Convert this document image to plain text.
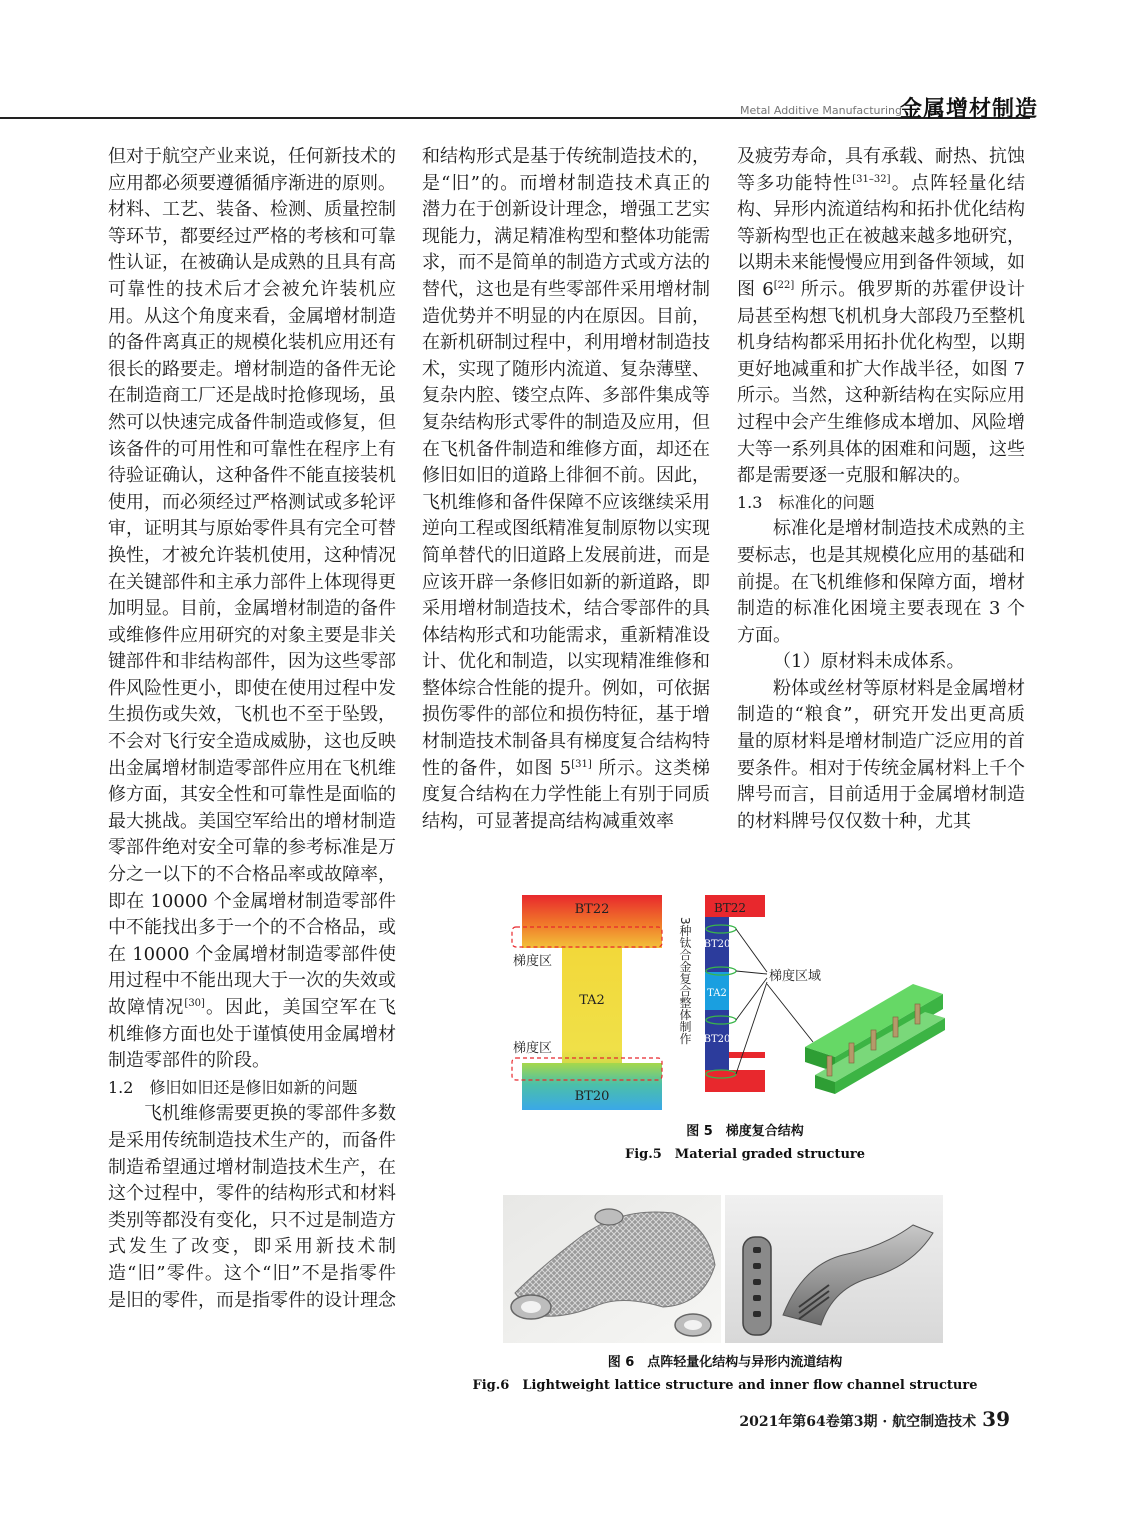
Metal Additive Manufacturing
金属增材制造

但对于航空产业来说，任何新技术的应用都必须要遵循循序渐进的原则。材料、工艺、装备、检测、质量控制等环节，都要经过严格的考核和可靠性认证，在被确认是成熟的且具有高可靠性的技术后才会被允许装机应用。从这个角度来看，金属增材制造的备件离真正的规模化装机应用还有很长的路要走。增材制造的备件无论在制造商工厂还是战时抢修现场，虽然可以快速完成备件制造或修复，但该备件的可用性和可靠性在程序上有待验证确认，这种备件不能直接装机使用，而必须经过严格测试或多轮评审，证明其与原始零件具有完全可替换性，才被允许装机使用，这种情况在关键部件和主承力部件上体现得更加明显。目前，金属增材制造的备件或维修件应用研究的对象主要是非关键部件和非结构部件，因为这些零部件风险性更小，即使在使用过程中发生损伤或失效，飞机也不至于坠毁，不会对飞行安全造成威胁，这也反映出金属增材制造零部件应用在飞机维修方面，其安全性和可靠性是面临的最大挑战。美国空军给出的增材制造零部件绝对安全可靠的参考标准是万分之一以下的不合格品率或故障率，即在 10000 个金属增材制造零部件中不能找出多于一个的不合格品，或在 10000 个金属增材制造零部件使用过程中不能出现大于一次的失效或故障情况[30]。因此，美国空军在飞机维修方面也处于谨慎使用金属增材制造零部件的阶段。

1.2　修旧如旧还是修旧如新的问题

飞机维修需要更换的零部件多数是采用传统制造技术生产的，而备件制造希望通过增材制造技术生产，在这个过程中，零件的结构形式和材料类别等都没有变化，只不过是制造方式发生了改变，即采用新技术制造“旧”零件。这个“旧”不是指零件是旧的零件，而是指零件的设计理念

和结构形式是基于传统制造技术的，是“旧”的。而增材制造技术真正的潜力在于创新设计理念，增强工艺实现能力，满足精准构型和整体功能需求，而不是简单的制造方式或方法的替代，这也是有些零部件采用增材制造优势并不明显的内在原因。目前，在新机研制过程中，利用增材制造技术，实现了随形内流道、复杂薄壁、复杂内腔、镂空点阵、多部件集成等复杂结构形式零件的制造及应用，但在飞机备件制造和维修方面，却还在修旧如旧的道路上徘徊不前。因此，飞机维修和备件保障不应该继续采用逆向工程或图纸精准复制原物以实现简单替代的旧道路上发展前进，而是应该开辟一条修旧如新的新道路，即采用增材制造技术，结合零部件的具体结构形式和功能需求，重新精准设计、优化和制造，以实现精准维修和整体综合性能的提升。例如，可依据损伤零件的部位和损伤特征，基于增材制造技术制备具有梯度复合结构特性的备件，如图 5[31] 所示。这类梯度复合结构在力学性能上有别于同质结构，可显著提高结构减重效率

及疲劳寿命，具有承载、耐热、抗蚀等多功能特性[31–32]。点阵轻量化结构、异形内流道结构和拓扑优化结构等新构型也正在被越来越多地研究，以期未来能慢慢应用到备件领域，如图 6[22] 所示。俄罗斯的苏霍伊设计局甚至构想飞机机身大部段乃至整机机身结构都采用拓扑优化构型，以期更好地减重和扩大作战半径，如图 7 所示。当然，这种新结构在实际应用过程中会产生维修成本增加、风险增大等一系列具体的困难和问题，这些都是需要逐一克服和解决的。

1.3　标准化的问题

标准化是增材制造技术成熟的主要标志，也是其规模化应用的基础和前提。在飞机维修和保障方面，增材制造的标准化困境主要表现在 3 个方面。

（1）原材料未成体系。

粉体或丝材等原材料是金属增材制造的“粮食”，研究开发出更高质量的原材料是增材制造广泛应用的首要条件。相对于传统金属材料上千个牌号而言，目前适用于金属增材制造的材料牌号仅仅数十种，尤其

BT22
TA2
BT20
梯度区
梯度区
3种钛合金复合整体制作
BT22
BT20
TA2
BT20
梯度区域
图 5　梯度复合结构
Fig.5　Material graded structure
图 6　点阵轻量化结构与异形内流道结构
Fig.6　Lightweight lattice structure and inner flow channel structure
2021年第64卷第3期 · 航空制造技术 39
